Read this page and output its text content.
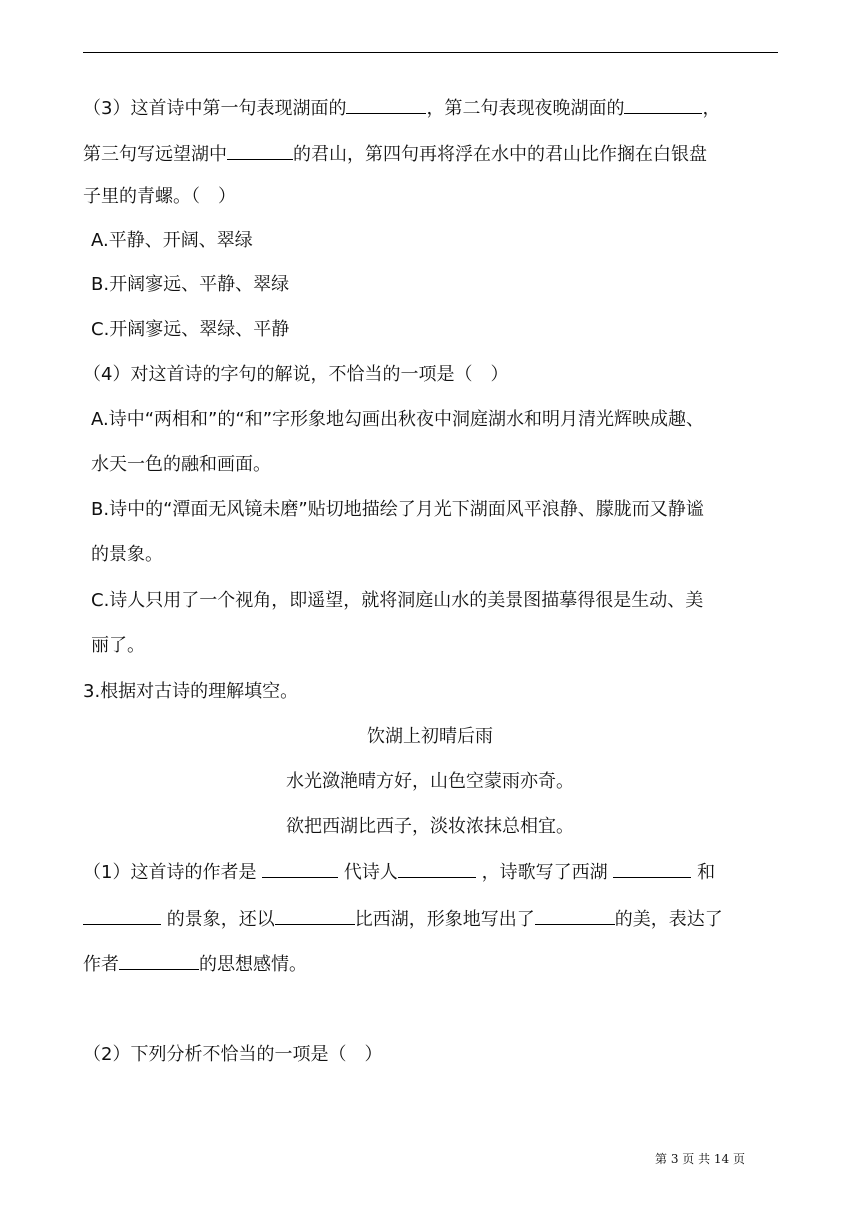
（3）这首诗中第一句表现湖面的	，第二句表现夜晚湖面的	，
第三句写远望湖中	的君山，第四句再将浮在水中的君山比作搁在白银盘
子里的青螺。（　）
A.平静、开阔、翠绿
B.开阔寥远、平静、翠绿
C.开阔寥远、翠绿、平静
（4）对这首诗的字句的解说，不恰当的一项是（　）
A.诗中“两相和”的“和”字形象地勾画出秋夜中洞庭湖水和明月清光辉映成趣、
水天一色的融和画面。
B.诗中的“潭面无风镜未磨”贴切地描绘了月光下湖面风平浪静、朦胧而又静谧
的景象。
C.诗人只用了一个视角，即遥望，就将洞庭山水的美景图描摹得很是生动、美
丽了。
3.根据对古诗的理解填空。
饮湖上初晴后雨
水光潋滟晴方好，山色空蒙雨亦奇。
欲把西湖比西子，淡妆浓抹总相宜。
（1）这首诗的作者是	代诗人	，诗歌写了西湖	和
的景象，还以	比西湖，形象地写出了	的美，表达了
作者	的思想感情。
（2）下列分析不恰当的一项是（　）
第 3 页 共 14 页
